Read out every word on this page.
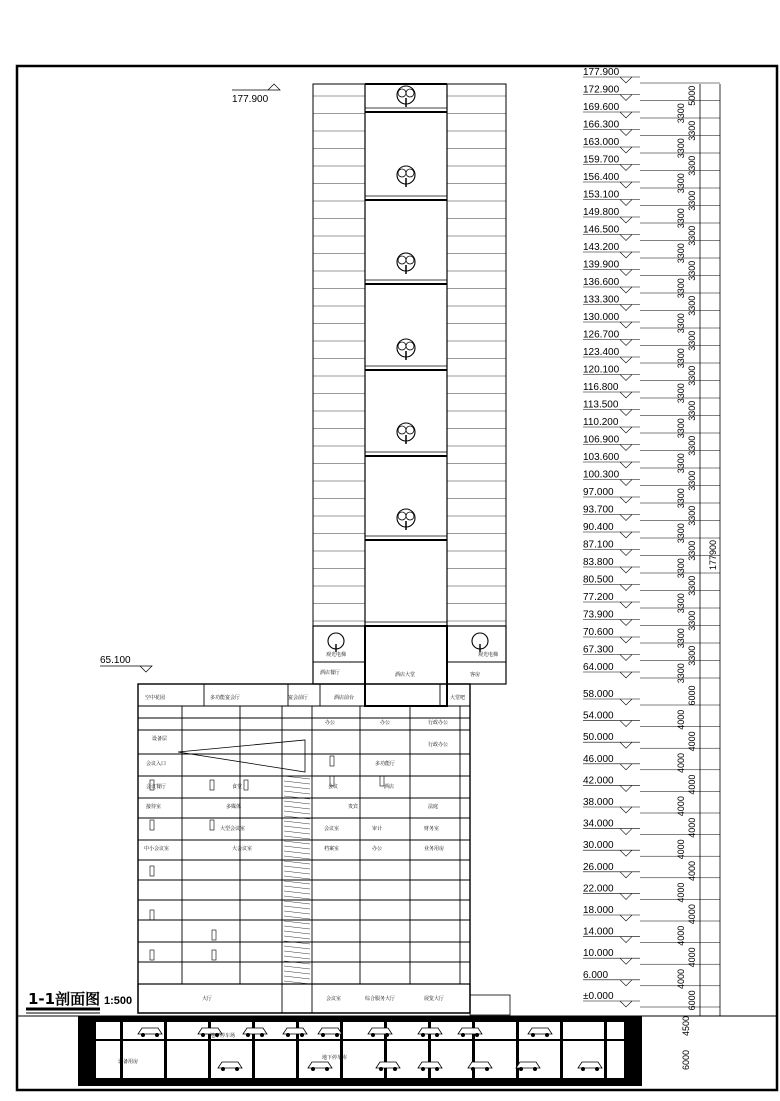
设备用房
地下停车场
地下停车库
酒店餐厅	酒店大堂	客房
观光电梯	观光电梯
空中花园	多功能宴会厅	宴会前厅	酒店前台	大堂吧
办公	办公	行政办公
行政办公
设备层
会议入口	多功能厅
会议餐厅	食堂	会议	酒店
接待室	多媒体	贵宾	法庭
大型会议室	会议室	审计	财务室
中小会议室	大会议室	档案室	办公	业务用房
大厅	会议室	综合服务大厅	展览大厅
177.900
65.100
177.900
172.900
169.600
166.300
163.000
159.700
156.400
153.100
149.800
146.500
143.200
139.900
136.600
133.300
130.000
126.700
123.400
120.100
116.800
113.500
110.200
106.900
103.600
100.300
97.000
93.700
90.400
87.100
83.800
80.500
77.200
73.900
70.600
67.300
64.000
58.000
54.000
50.000
46.000
42.000
38.000
34.000
30.000
26.000
22.000
18.000
14.000
10.000
6.000
±0.000
5000
3300
3300
3300
3300
3300
3300
3300
3300
3300
3300
3300
3300
3300
3300
3300
3300
3300
3300
3300
3300
3300
3300
3300
3300
3300
3300
3300
3300
3300
3300
3300
3300
3300
6000
4000
4000
4000
4000
4000
4000
4000
4000
4000
4000
4000
4000
4000
6000
177900
4500
6000
1-1剖面图 1:500
